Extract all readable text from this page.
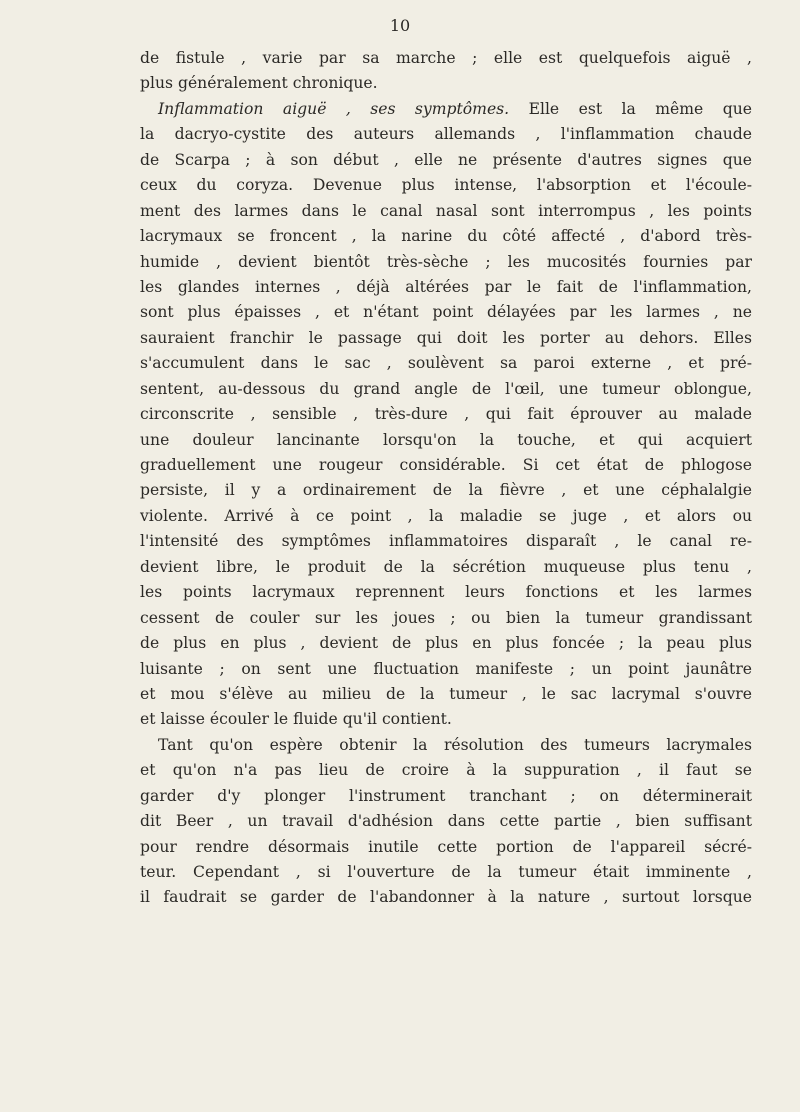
10
de fistule , varie par sa marche ; elle est quelquefois aiguë ,
plus généralement chronique.
Inflammation aiguë , ses symptômes. Elle est la même que
la dacryo-cystite des auteurs allemands , l'inflammation chaude
de Scarpa ; à son début , elle ne présente d'autres signes que
ceux du coryza. Devenue plus intense, l'absorption et l'écoule-
ment des larmes dans le canal nasal sont interrompus , les points
lacrymaux se froncent , la narine du côté affecté , d'abord très-
humide , devient bientôt très-sèche ; les mucosités fournies par
les glandes internes , déjà altérées par le fait de l'inflammation,
sont plus épaisses , et n'étant point délayées par les larmes , ne
sauraient franchir le passage qui doit les porter au dehors. Elles
s'accumulent dans le sac , soulèvent sa paroi externe , et pré-
sentent, au-dessous du grand angle de l'œil, une tumeur oblongue,
circonscrite , sensible , très-dure , qui fait éprouver au malade
une douleur lancinante lorsqu'on la touche, et qui acquiert
graduellement une rougeur considérable. Si cet état de phlogose
persiste, il y a ordinairement de la fièvre , et une céphalalgie
violente. Arrivé à ce point , la maladie se juge , et alors ou
l'intensité des symptômes inflammatoires disparaît , le canal re-
devient libre, le produit de la sécrétion muqueuse plus tenu ,
les points lacrymaux reprennent leurs fonctions et les larmes
cessent de couler sur les joues ; ou bien la tumeur grandissant
de plus en plus , devient de plus en plus foncée ; la peau plus
luisante ; on sent une fluctuation manifeste ; un point jaunâtre
et mou s'élève au milieu de la tumeur , le sac lacrymal s'ouvre
et laisse écouler le fluide qu'il contient.
Tant qu'on espère obtenir la résolution des tumeurs lacrymales
et qu'on n'a pas lieu de croire à la suppuration , il faut se
garder d'y plonger l'instrument tranchant ; on déterminerait
dit Beer , un travail d'adhésion dans cette partie , bien suffisant
pour rendre désormais inutile cette portion de l'appareil sécré-
teur. Cependant , si l'ouverture de la tumeur était imminente ,
il faudrait se garder de l'abandonner à la nature , surtout lorsque
